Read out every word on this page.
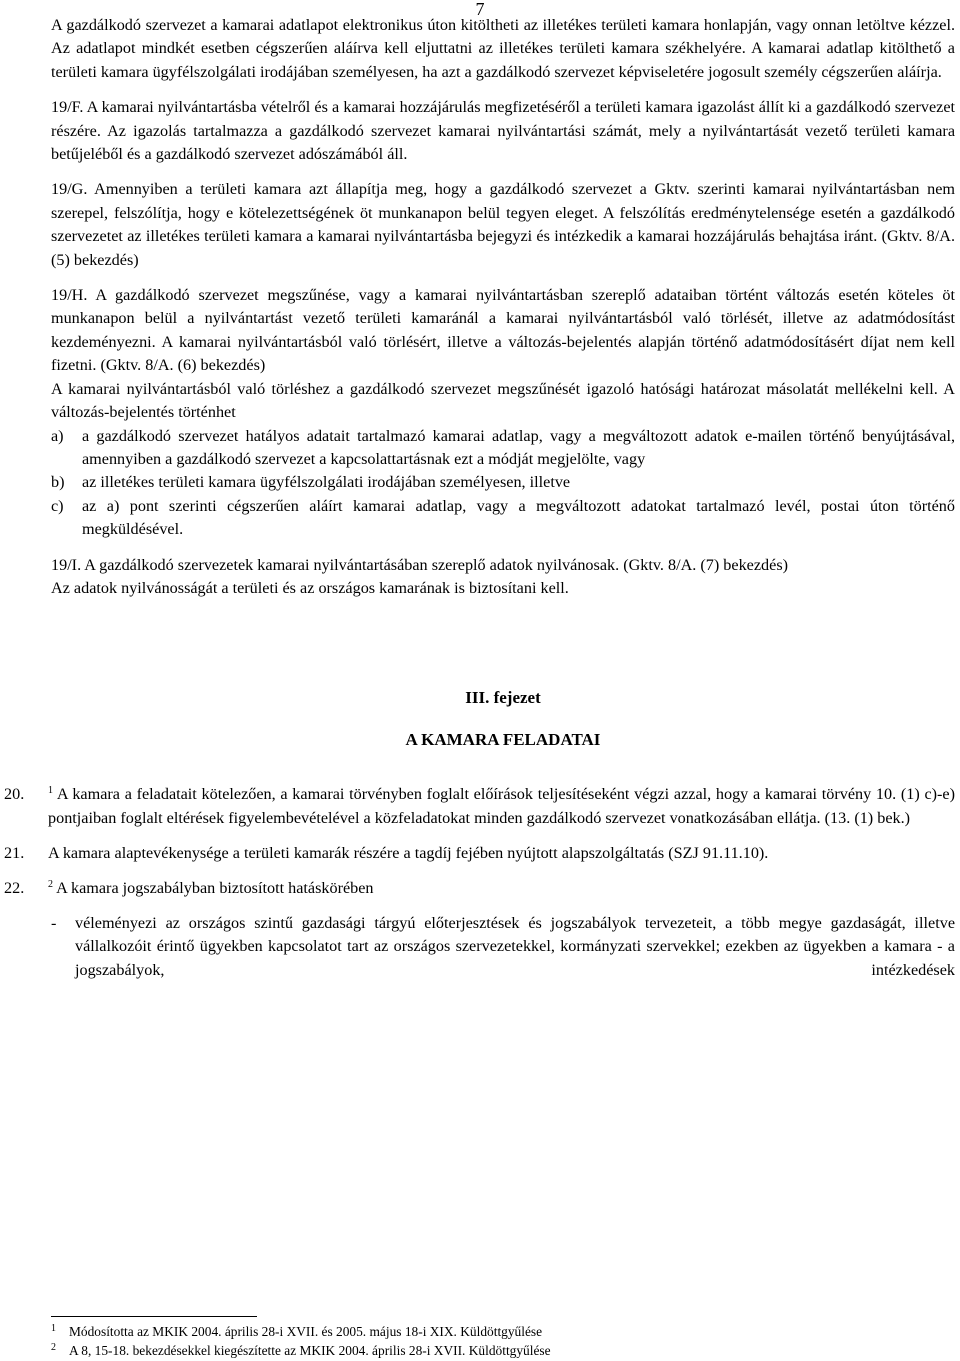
7

A gazdálkodó szervezet a kamarai adatlapot elektronikus úton kitöltheti az illetékes területi kamara honlapján, vagy onnan letöltve kézzel. Az adatlapot mindkét esetben cégszerűen aláírva kell eljuttatni az illetékes területi kamara székhelyére. A kamarai adatlap kitölthető a területi kamara ügyfélszolgálati irodájában személyesen, ha azt a gazdálkodó szervezet képviseletére jogosult személy cégszerűen aláírja.

19/F. A kamarai nyilvántartásba vételről és a kamarai hozzájárulás megfizetéséről a területi kamara igazolást állít ki a gazdálkodó szervezet részére. Az igazolás tartalmazza a gazdálkodó szervezet kamarai nyilvántartási számát, mely a nyilvántartását vezető területi kamara betűjeléből és a gazdálkodó szervezet adószámából áll.

19/G. Amennyiben a területi kamara azt állapítja meg, hogy a gazdálkodó szervezet a Gktv. szerinti kamarai nyilvántartásban nem szerepel, felszólítja, hogy e kötelezettségének öt munkanapon belül tegyen eleget. A felszólítás eredménytelensége esetén a gazdálkodó szervezetet az illetékes területi kamara a kamarai nyilvántartásba bejegyzi és intézkedik a kamarai hozzájárulás behajtása iránt. (Gktv. 8/A. (5) bekezdés)

19/H. A gazdálkodó szervezet megszűnése, vagy a kamarai nyilvántartásban szereplő adataiban történt változás esetén köteles öt munkanapon belül a nyilvántartást vezető területi kamaránál a kamarai nyilvántartásból való törlését, illetve az adatmódosítást kezdeményezni. A kamarai nyilvántartásból való törlésért, illetve a változás-bejelentés alapján történő adatmódosításért díjat nem kell fizetni. (Gktv. 8/A. (6) bekezdés)

A kamarai nyilvántartásból való törléshez a gazdálkodó szervezet megszűnését igazoló hatósági határozat másolatát mellékelni kell. A változás-bejelentés történhet

a)	a gazdálkodó szervezet hatályos adatait tartalmazó kamarai adatlap, vagy a megváltozott adatok e-mailen történő benyújtásával, amennyiben a gazdálkodó szervezet a kapcsolattartásnak ezt a módját megjelölte, vagy
b)	az illetékes területi kamara ügyfélszolgálati irodájában személyesen, illetve
c)	az a) pont szerinti cégszerűen aláírt kamarai adatlap, vagy a megváltozott adatokat tartalmazó levél, postai úton történő megküldésével.

19/I. A gazdálkodó szervezetek kamarai nyilvántartásában szereplő adatok nyilvánosak. (Gktv. 8/A. (7) bekezdés)

Az adatok nyilvánosságát a területi és az országos kamarának is biztosítani kell.

III. fejezet
A KAMARA FELADATAI
20.	$^1$ A kamara a feladatait kötelezően, a kamarai törvényben foglalt előírások teljesítéseként végzi azzal, hogy a kamarai törvény 10. (1) c)-e) pontjaiban foglalt eltérések figyelembevételével a közfeladatokat minden gazdálkodó szervezet vonatkozásában ellátja. (13. (1) bek.)
21.	A kamara alaptevékenysége a területi kamarák részére a tagdíj fejében nyújtott alapszolgáltatás (SZJ 91.11.10).
22.	$^2$ A kamara jogszabályban biztosított hatáskörében
-	véleményezi az országos szintű gazdasági tárgyú előterjesztések és jogszabályok tervezeteit, a több megye gazdaságát, illetve vállalkozóit érintő ügyekben kapcsolatot tart az országos szervezetekkel, kormányzati szervekkel; ezekben az ügyekben a kamara - a jogszabályok, intézkedések
1 Módosította az MKIK 2004. április 28-i XVII. és 2005. május 18-i XIX. Küldöttgyűlése
2 A 8, 15-18. bekezdésekkel kiegészítette az MKIK 2004. április 28-i XVII. Küldöttgyűlése
